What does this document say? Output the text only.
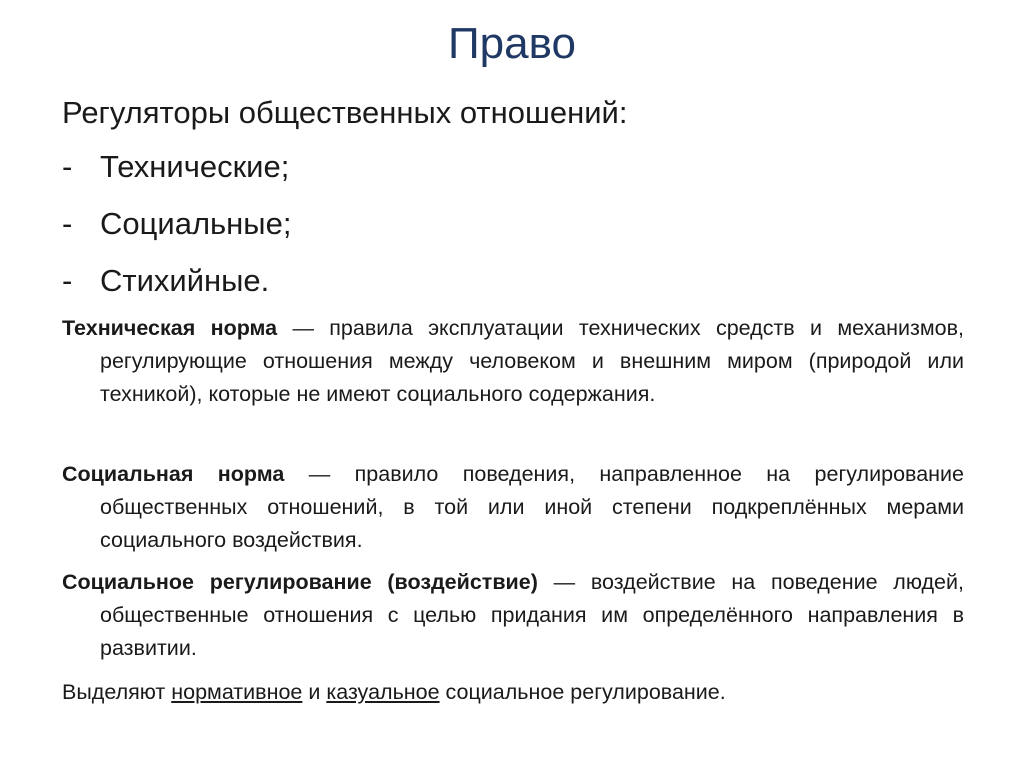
Право
Регуляторы общественных отношений:
- Технические;
- Социальные;
- Стихийные.
Техническая норма — правила эксплуатации технических средств и механизмов, регулирующие отношения между человеком и внешним миром (природой или техникой), которые не имеют социального содержания.
Социальная норма — правило поведения, направленное на регулирование общественных отношений, в той или иной степени подкреплённых мерами социального воздействия.
Социальное регулирование (воздействие) — воздействие на поведение людей, общественные отношения с целью придания им определённого направления в развитии.
Выделяют нормативное и казуальное социальное регулирование.
